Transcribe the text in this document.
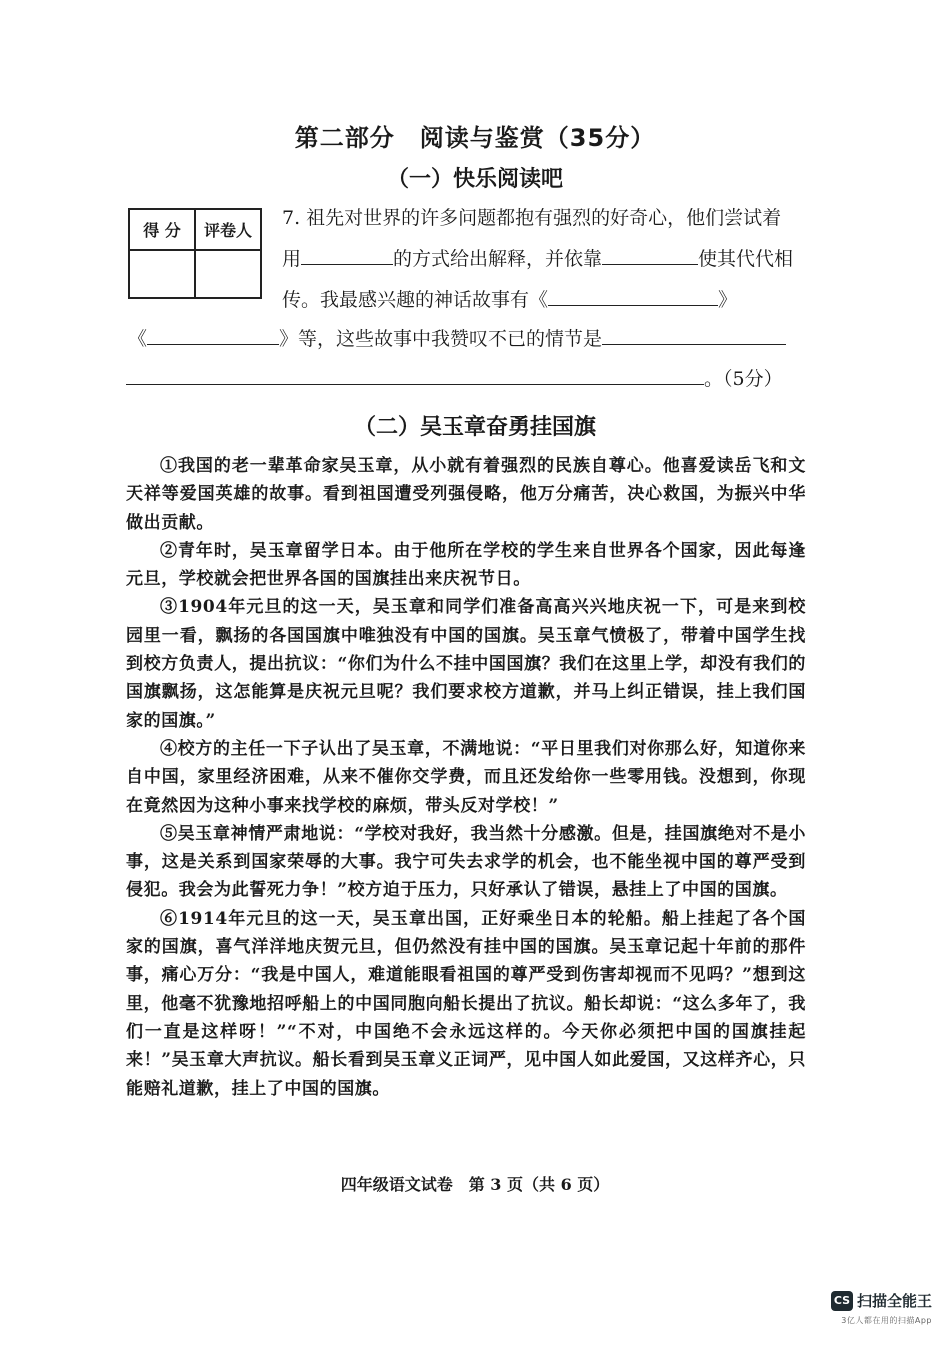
第二部分　阅读与鉴赏（35分）
（一）快乐阅读吧
得 分	评卷人

7. 祖先对世界的许多问题都抱有强烈的好奇心，他们尝试着
用	的方式给出解释，并依靠	使其代代相
传。我最感兴趣的神话故事有《	》
《	》等，这些故事中我赞叹不已的情节是
。（5分）
（二）吴玉章奋勇挂国旗

①我国的老一辈革命家吴玉章，从小就有着强烈的民族自尊心。他喜爱读岳飞和文天祥等爱国英雄的故事。看到祖国遭受列强侵略，他万分痛苦，决心救国，为振兴中华做出贡献。

②青年时，吴玉章留学日本。由于他所在学校的学生来自世界各个国家，因此每逢元旦，学校就会把世界各国的国旗挂出来庆祝节日。

③1904年元旦的这一天，吴玉章和同学们准备高高兴兴地庆祝一下，可是来到校园里一看，飘扬的各国国旗中唯独没有中国的国旗。吴玉章气愤极了，带着中国学生找到校方负责人，提出抗议：“你们为什么不挂中国国旗？我们在这里上学，却没有我们的国旗飘扬，这怎能算是庆祝元旦呢？我们要求校方道歉，并马上纠正错误，挂上我们国家的国旗。”

④校方的主任一下子认出了吴玉章，不满地说：“平日里我们对你那么好，知道你来自中国，家里经济困难，从来不催你交学费，而且还发给你一些零用钱。没想到，你现在竟然因为这种小事来找学校的麻烦，带头反对学校！”

⑤吴玉章神情严肃地说：“学校对我好，我当然十分感激。但是，挂国旗绝对不是小事，这是关系到国家荣辱的大事。我宁可失去求学的机会，也不能坐视中国的尊严受到侵犯。我会为此誓死力争！”校方迫于压力，只好承认了错误，悬挂上了中国的国旗。

⑥1914年元旦的这一天，吴玉章出国，正好乘坐日本的轮船。船上挂起了各个国家的国旗，喜气洋洋地庆贺元旦，但仍然没有挂中国的国旗。吴玉章记起十年前的那件事，痛心万分：“我是中国人，难道能眼看祖国的尊严受到伤害却视而不见吗？”想到这里，他毫不犹豫地招呼船上的中国同胞向船长提出了抗议。船长却说：“这么多年了，我们一直是这样呀！”“不对，中国绝不会永远这样的。今天你必须把中国的国旗挂起来！”吴玉章大声抗议。船长看到吴玉章义正词严，见中国人如此爱国，又这样齐心，只能赔礼道歉，挂上了中国的国旗。

四年级语文试卷　第 3 页（共 6 页）
CS 扫描全能王
3亿人都在用的扫描App
